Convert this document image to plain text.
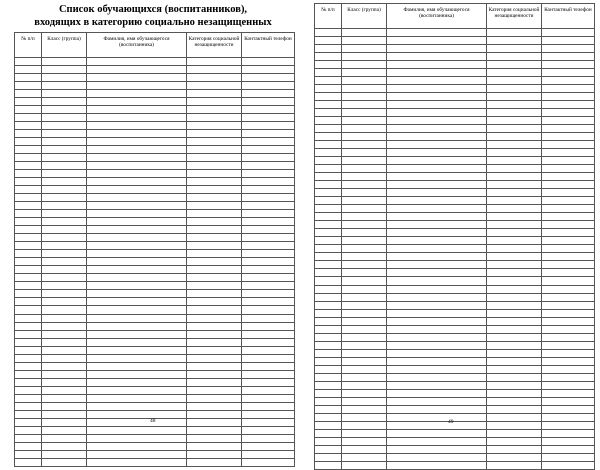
Список обучающихся (воспитанников),
входящих в категорию социально незащищенных
№ п/п	Класс (группа)	Фамилия, имя обучающегося (воспитанника)	Категория социальной незащищенности	Контактный телефон

48
№ п/п	Класс (группа)	Фамилия, имя обучающегося (воспитанника)	Категория социальной незащищенности	Контактный телефон

49
